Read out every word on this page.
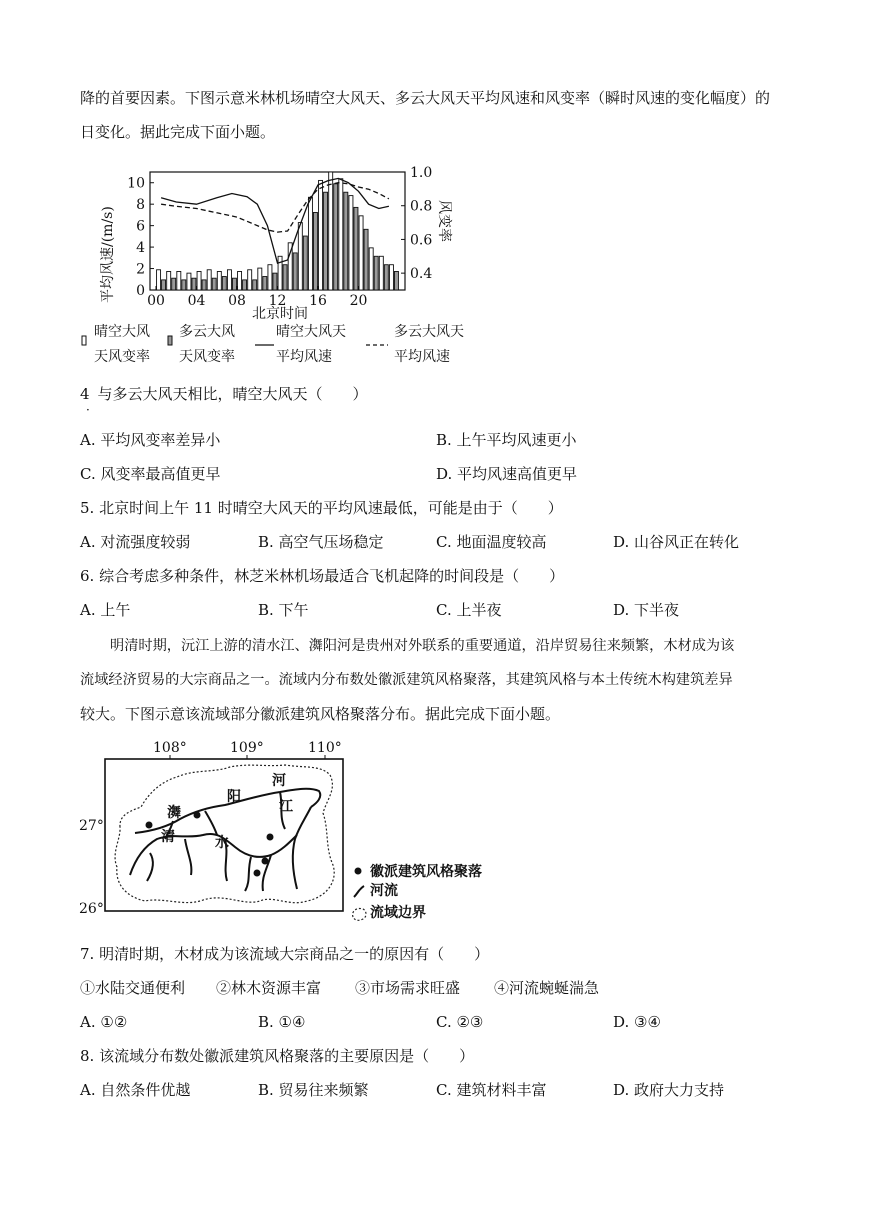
降的首要因素。下图示意米林机场晴空大风天、多云大风天平均风速和风变率（瞬时风速的变化幅度）的
日变化。据此完成下面小题。
0
2
4
6
8
10
0.4
0.6
0.8
1.0
00 04 08 12 16 20
平均风速/(m/s)	风变率
北京时间
晴空大风
天风变率
多云大风
天风变率
晴空大风天
平均风速
多云大风天
平均风速
4 与多云大风天相比，晴空大风天（　　）
·
A. 平均风变率差异小	B. 上午平均风速更小
C. 风变率最高值更早	D. 平均风速高值更早
5. 北京时间上午 11 时晴空大风天的平均风速最低，可能是由于（　　）
A. 对流强度较弱	B. 高空气压场稳定	C. 地面温度较高	D. 山谷风正在转化
6. 综合考虑多种条件，林芝米林机场最适合飞机起降的时间段是（　　）
A. 上午	B. 下午	C. 上半夜	D. 下半夜
明清时期，沅江上游的清水江、㵲阳河是贵州对外联系的重要通道，沿岸贸易往来频繁，木材成为该
流域经济贸易的大宗商品之一。流域内分布数处徽派建筑风格聚落，其建筑风格与本土传统木构建筑差异
较大。下图示意该流域部分徽派建筑风格聚落分布。据此完成下面小题。
108°	109°	110°
27°
26°
㵲
阳
河
清	水
江
徽派建筑风格聚落
河流
流域边界
7. 明清时期，木材成为该流域大宗商品之一的原因有（　　）
①水陆交通便利 ②林木资源丰富 ③市场需求旺盛 ④河流蜿蜒湍急
A. ①②	B. ①④	C. ②③	D. ③④
8. 该流域分布数处徽派建筑风格聚落的主要原因是（　　）
A. 自然条件优越	B. 贸易往来频繁	C. 建筑材料丰富	D. 政府大力支持
